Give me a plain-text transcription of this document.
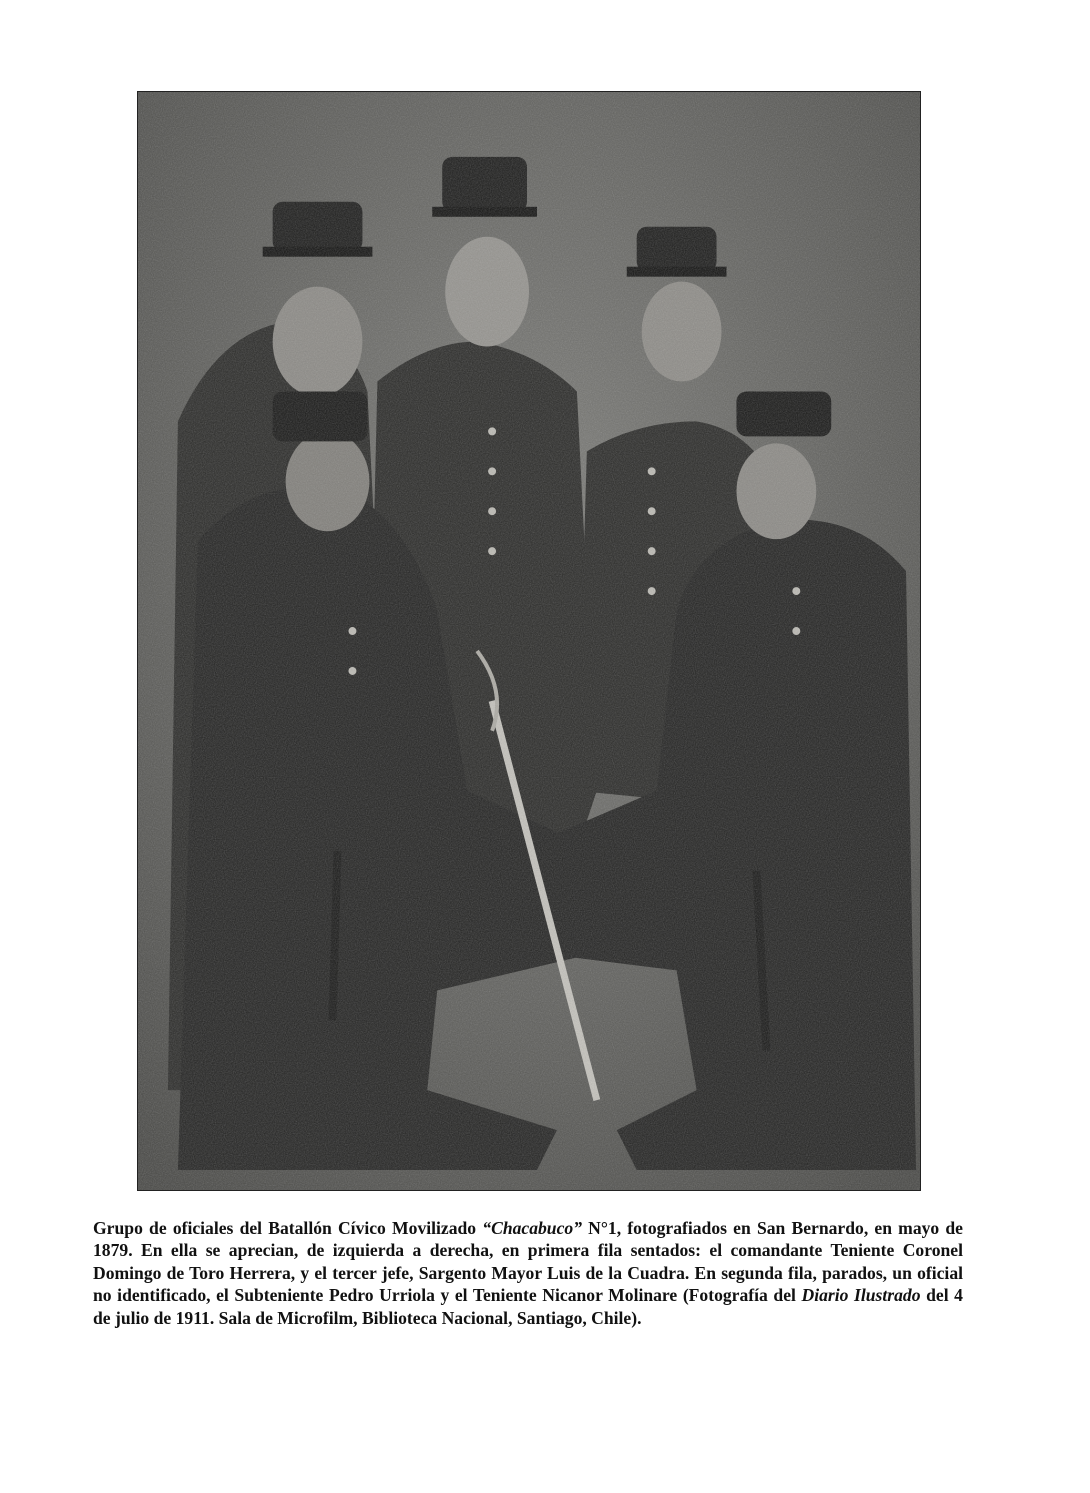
Grupo de oficiales del Batallón Cívico Movilizado “Chacabuco” N°1, fotografiados en San Bernardo, en mayo de 1879. En ella se aprecian, de izquierda a derecha, en primera fila sentados: el comandante Teniente Coronel Domingo de Toro Herrera, y el tercer jefe, Sargento Mayor Luis de la Cuadra. En segunda fila, parados, un oficial no identificado, el Subteniente Pedro Urriola y el Teniente Nicanor Molinare (Fotografía del Diario Ilustrado del 4 de julio de 1911. Sala de Microfilm, Biblioteca Nacional, Santiago, Chile).
